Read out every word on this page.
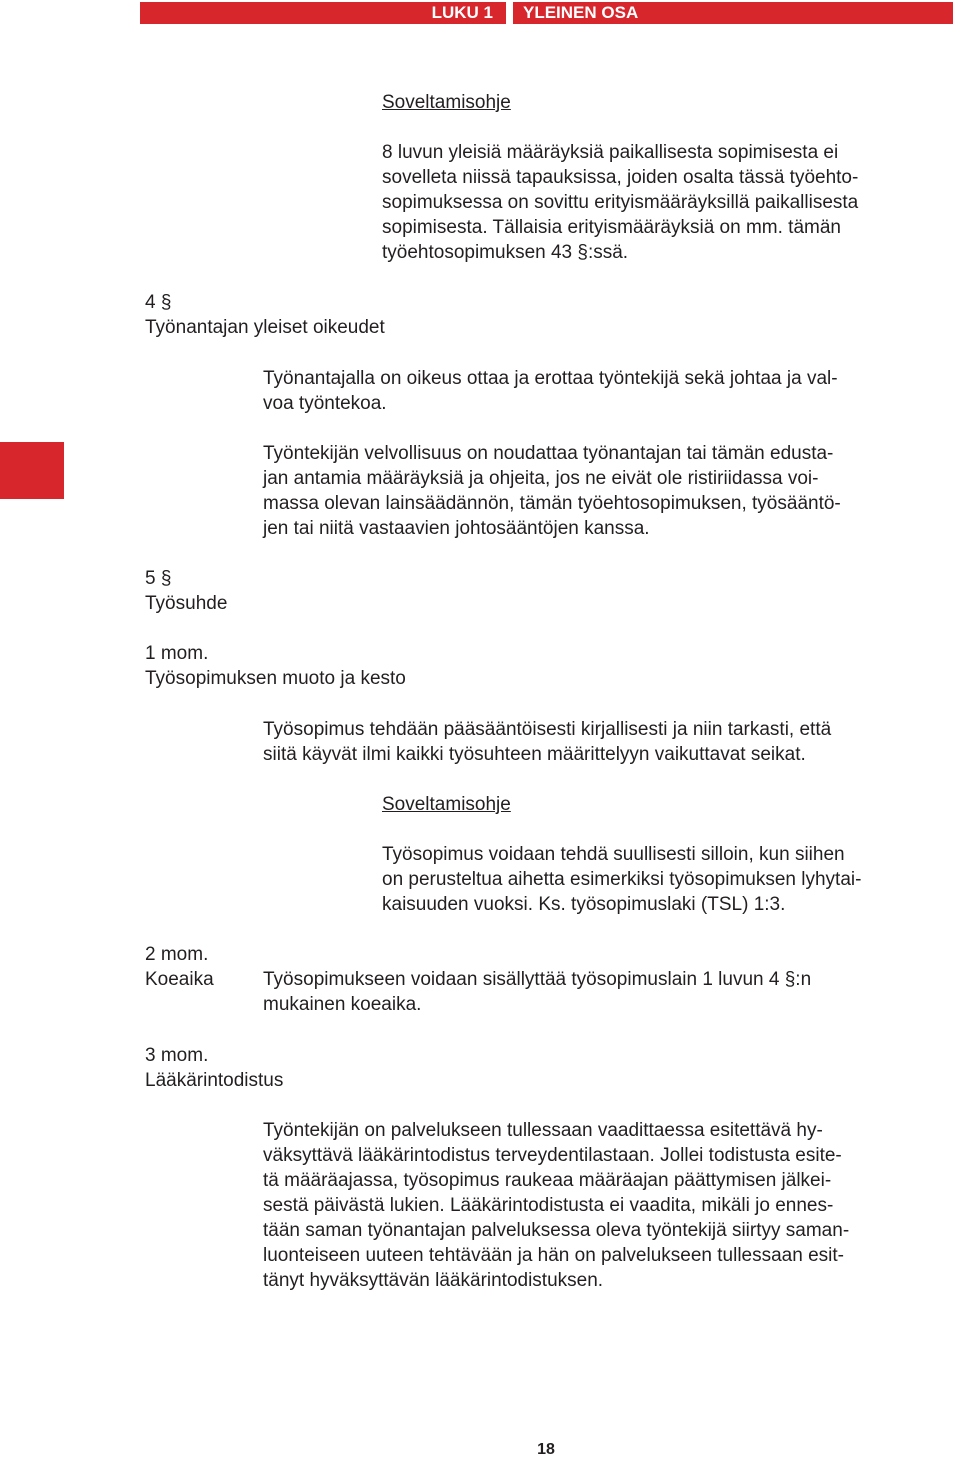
LUKU 1	YLEINEN OSA
Soveltamisohje
8 luvun yleisiä määräyksiä paikallisesta sopimisesta ei
sovelleta niissä tapauksissa, joiden osalta tässä työehto-
sopimuksessa on sovittu erityismääräyksillä paikallisesta
sopimisesta. Tällaisia erityismääräyksiä on mm. tämän
työehtosopimuksen 43 §:ssä.
4 §
Työnantajan yleiset oikeudet
Työnantajalla on oikeus ottaa ja erottaa työntekijä sekä johtaa ja val-
voa työntekoa.
Työntekijän velvollisuus on noudattaa työnantajan tai tämän edusta-
jan antamia määräyksiä ja ohjeita, jos ne eivät ole ristiriidassa voi-
massa olevan lainsäädännön, tämän työehtosopimuksen, työsääntö-
jen tai niitä vastaavien johtosääntöjen kanssa.
5 §
Työsuhde
1 mom.
Työsopimuksen muoto ja kesto
Työsopimus tehdään pääsääntöisesti kirjallisesti ja niin tarkasti, että
siitä käyvät ilmi kaikki työsuhteen määrittelyyn vaikuttavat seikat.
Soveltamisohje
Työsopimus voidaan tehdä suullisesti silloin, kun siihen
on perusteltua aihetta esimerkiksi työsopimuksen lyhytai-
kaisuuden vuoksi. Ks. työsopimuslaki (TSL) 1:3.
2 mom.
Koeaika	Työsopimukseen voidaan sisällyttää työsopimuslain 1 luvun 4 §:n
mukainen koeaika.
3 mom.
Lääkärintodistus
Työntekijän on palvelukseen tullessaan vaadittaessa esitettävä hy-
väksyttävä lääkärintodistus terveydentilastaan. Jollei todistusta esite-
tä määräajassa, työsopimus raukeaa määräajan päättymisen jälkei-
sestä päivästä lukien. Lääkärintodistusta ei vaadita, mikäli jo ennes-
tään saman työnantajan palveluksessa oleva työntekijä siirtyy saman-
luonteiseen uuteen tehtävään ja hän on palvelukseen tullessaan esit-
tänyt hyväksyttävän lääkärintodistuksen.
18
